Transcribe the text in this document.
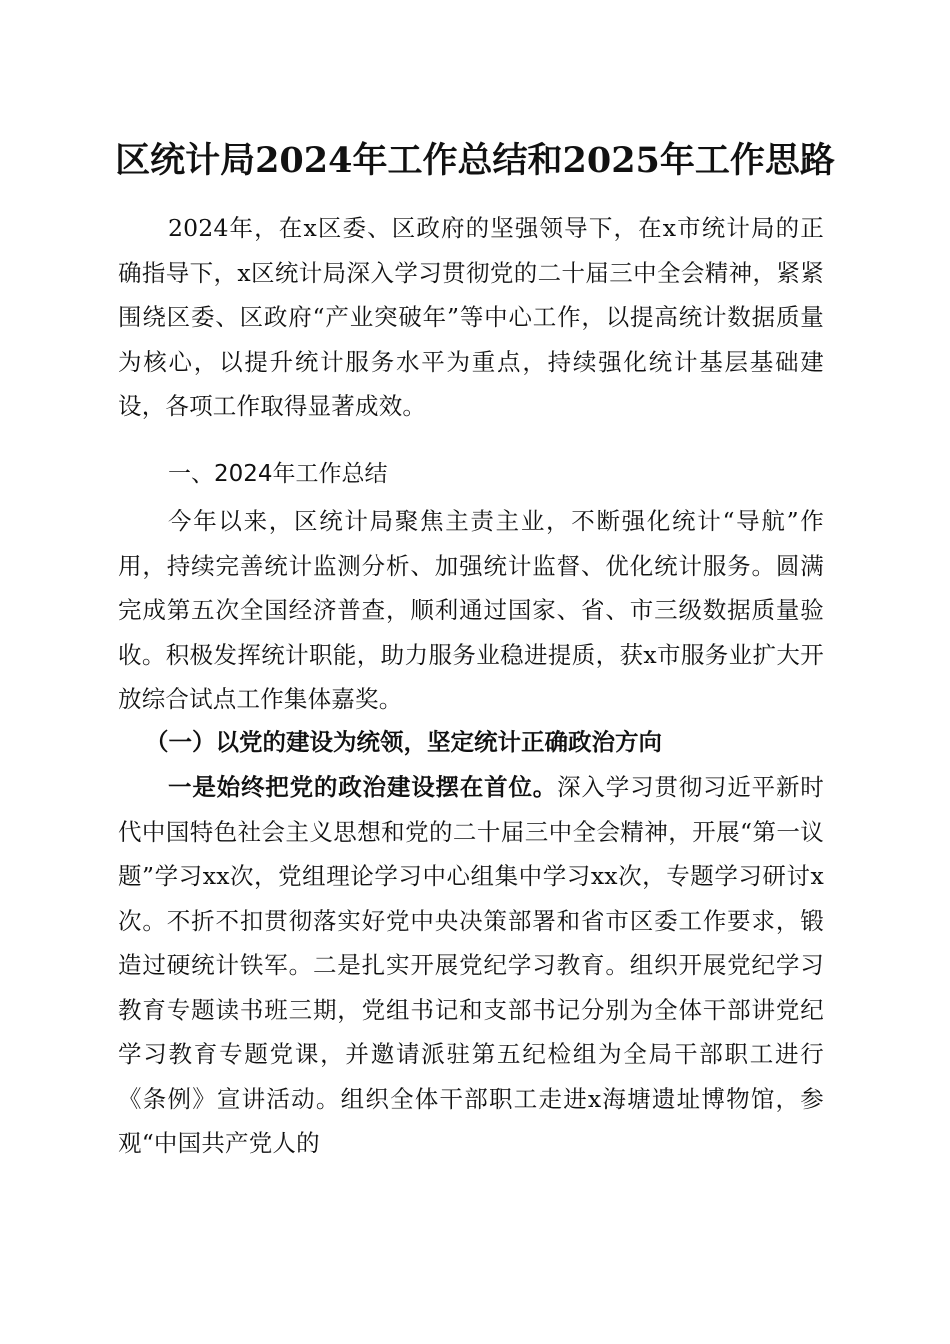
区统计局2024年工作总结和2025年工作思路

2024年，在x区委、区政府的坚强领导下，在x市统计局的正确指导下，x区统计局深入学习贯彻党的二十届三中全会精神，紧紧围绕区委、区政府“产业突破年”等中心工作，以提高统计数据质量为核心，以提升统计服务水平为重点，持续强化统计基层基础建设，各项工作取得显著成效。

一、2024年工作总结

今年以来，区统计局聚焦主责主业，不断强化统计“导航”作用，持续完善统计监测分析、加强统计监督、优化统计服务。圆满完成第五次全国经济普查，顺利通过国家、省、市三级数据质量验收。积极发挥统计职能，助力服务业稳进提质，获x市服务业扩大开放综合试点工作集体嘉奖。

（一）以党的建设为统领，坚定统计正确政治方向

一是始终把党的政治建设摆在首位。深入学习贯彻习近平新时代中国特色社会主义思想和党的二十届三中全会精神，开展“第一议题”学习xx次，党组理论学习中心组集中学习xx次，专题学习研讨x次。不折不扣贯彻落实好党中央决策部署和省市区委工作要求，锻造过硬统计铁军。二是扎实开展党纪学习教育。组织开展党纪学习教育专题读书班三期，党组书记和支部书记分别为全体干部讲党纪学习教育专题党课，并邀请派驻第五纪检组为全局干部职工进行《条例》宣讲活动。组织全体干部职工走进x海塘遗址博物馆，参观“中国共产党人的
